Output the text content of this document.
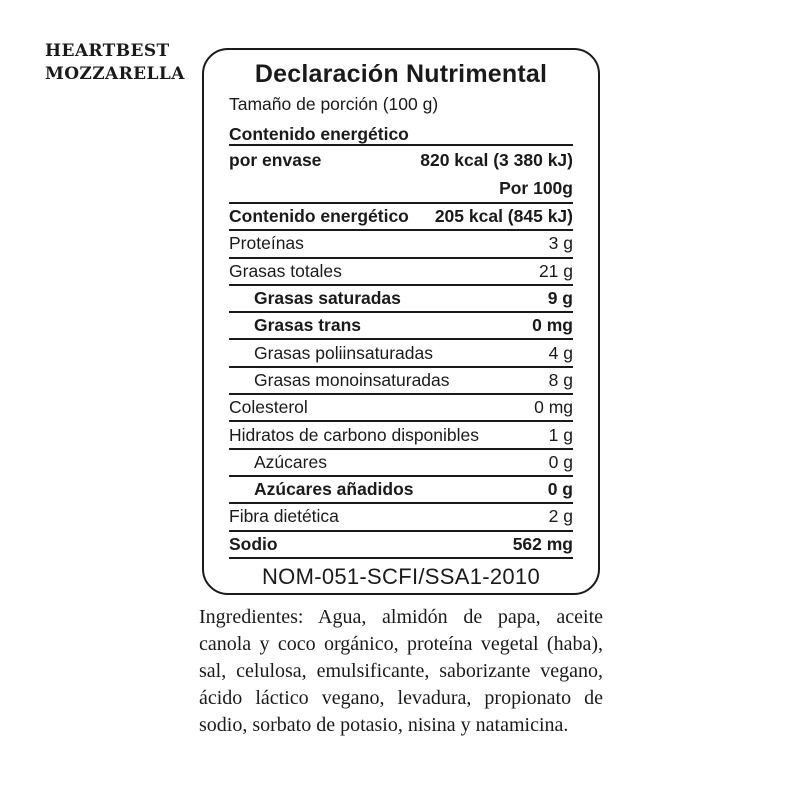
HEARTBEST
MOZZARELLA	Declaración Nutrimental
Tamaño de porción (100 g)
Contenido energético
por envase	820 kcal (3 380 kJ)
Por 100g
Contenido energético 205 kcal (845 kJ)
Proteínas	3 g
Grasas totales	21 g
Grasas saturadas	9 g
Grasas trans	0 mg
Grasas poliinsaturadas	4 g
Grasas monoinsaturadas	8 g
Colesterol	0 mg
Hidratos de carbono disponibles	1 g
Azúcares	0 g
Azúcares añadidos	0 g
Fibra dietética	2 g
Sodio	562 mg
NOM-051-SCFI/SSA1-2010

Ingredientes: Agua, almidón de papa, aceite canola y coco orgánico, proteína vegetal (haba), sal, celulosa, emulsificante, saborizante vegano, ácido láctico vegano, levadura, propionato de sodio, sorbato de potasio, nisina y natamicina.
